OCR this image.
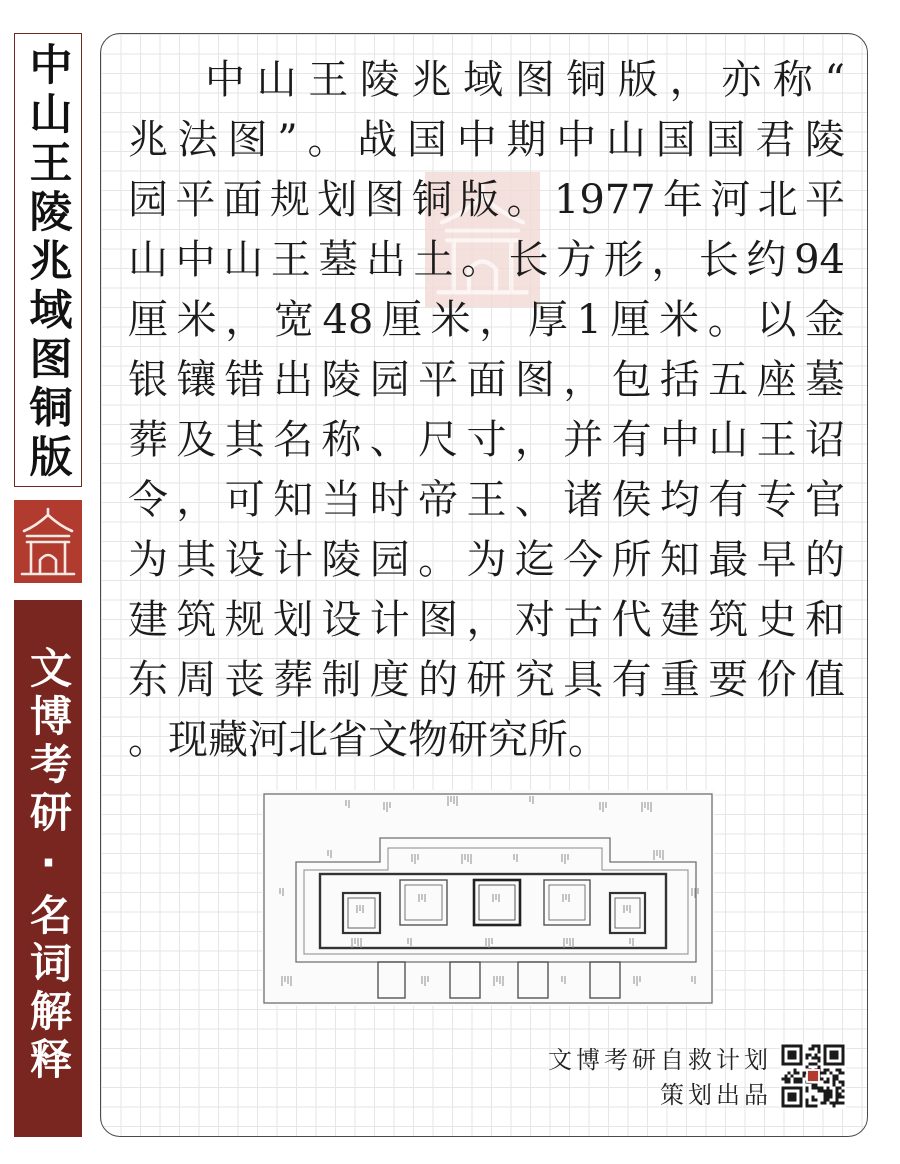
中山王陵兆域图铜版
文博考研·名词解释
中山王陵兆域图铜版，亦称“
兆法图”。战国中期中山国国君陵
园平面规划图铜版。1977年河北平
山中山王墓出土。长方形，长约94
厘米，宽48厘米，厚1厘米。以金
银镶错出陵园平面图，包括五座墓
葬及其名称、尺寸，并有中山王诏
令，可知当时帝王、诸侯均有专官
为其设计陵园。为迄今所知最早的
建筑规划设计图，对古代建筑史和
东周丧葬制度的研究具有重要价值
。现藏河北省文物研究所。
文博考研自救计划
策划出品
